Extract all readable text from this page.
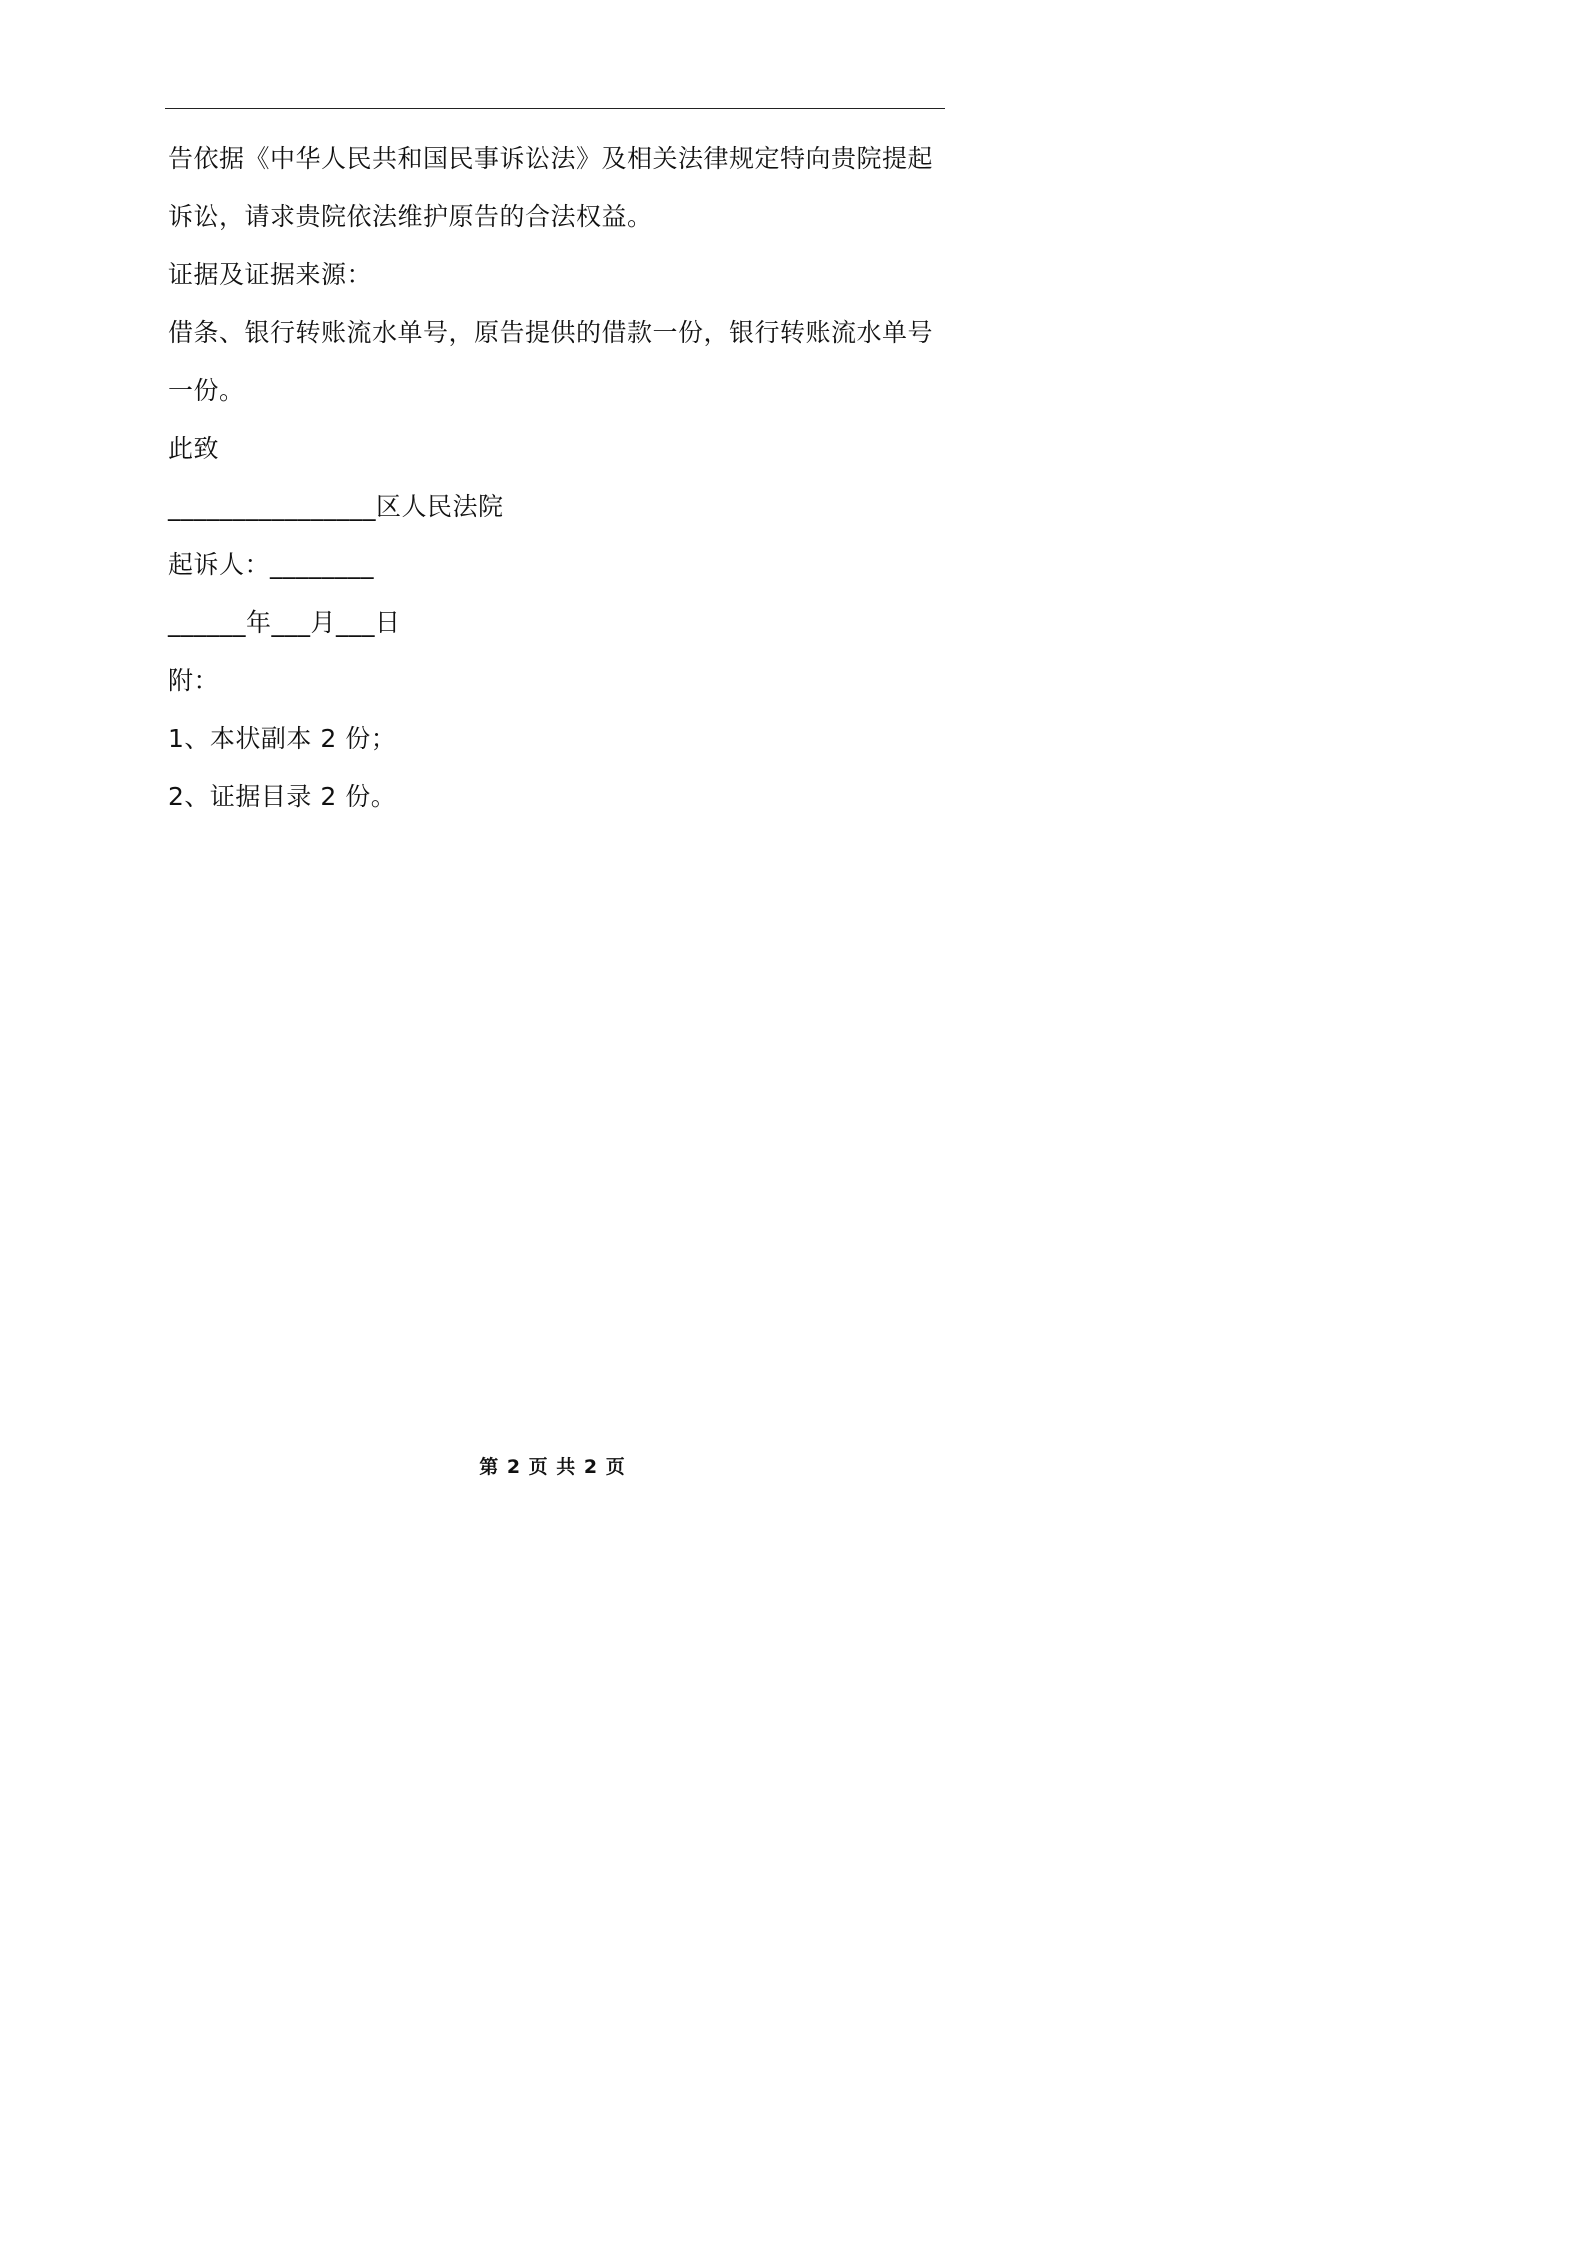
告依据《中华人民共和国民事诉讼法》及相关法律规定特向贵院提起

诉讼，请求贵院依法维护原告的合法权益。

证据及证据来源：

借条、银行转账流水单号，原告提供的借款一份，银行转账流水单号

一份。

此致

________________区人民法院

起诉人：________

______年___月___日

附：

1、本状副本 2 份；

2、证据目录 2 份。

第 2 页 共 2 页
